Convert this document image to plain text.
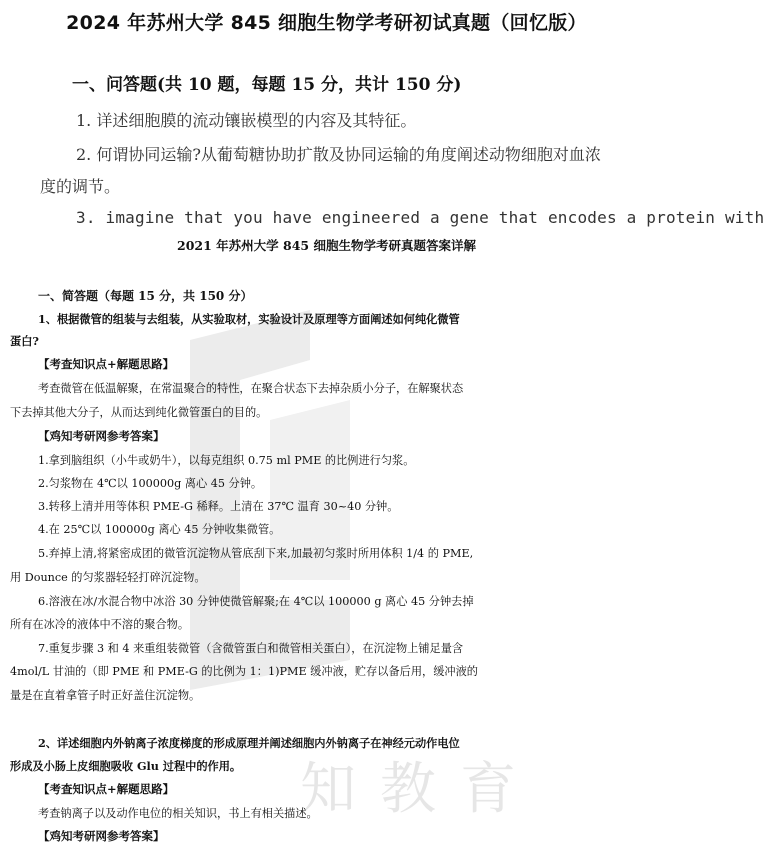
知教育
2024 年苏州大学 845 细胞生物学考研初试真题（回忆版）
一、问答题(共 10 题，每题 15 分，共计 150 分)
1. 详述细胞膜的流动镶嵌模型的内容及其特征。
2. 何谓协同运输?从葡萄糖协助扩散及协同运输的角度阐述动物细胞对血浓
度的调节。
3. imagine that you have engineered a gene that encodes a protein with
2021 年苏州大学 845 细胞生物学考研真题答案详解
一、简答题（每题 15 分，共 150 分）
1、根据微管的组装与去组装，从实验取材，实验设计及原理等方面阐述如何纯化微管
蛋白?
【考查知识点+解题思路】
考查微管在低温解聚，在常温聚合的特性，在聚合状态下去掉杂质小分子，在解聚状态
下去掉其他大分子，从而达到纯化微管蛋白的目的。
【鸡知考研网参考答案】
1.拿到脑组织（小牛或奶牛），以每克组织 0.75 ml PME 的比例进行匀浆。
2.匀浆物在 4℃以 100000g 离心 45 分钟。
3.转移上清并用等体积 PME-G 稀释。上清在 37℃ 温育 30~40 分钟。
4.在 25℃以 100000g 离心 45 分钟收集微管。
5.弃掉上清,将紧密成团的微管沉淀物从管底刮下来,加最初匀浆时所用体积 1/4 的 PME,
用 Dounce 的匀浆器轻轻打碎沉淀物。
6.溶液在冰/水混合物中冰浴 30 分钟使微管解聚;在 4℃以 100000 g 离心 45 分钟去掉
所有在冰冷的液体中不溶的聚合物。
7.重复步骤 3 和 4 来重组装微管（含微管蛋白和微管相关蛋白），在沉淀物上铺足量含
4mol/L 甘油的（即 PME 和 PME-G 的比例为 1：1)PME 缓冲液，贮存以备后用，缓冲液的
量是在直着拿管子时正好盖住沉淀物。
2、详述细胞内外钠离子浓度梯度的形成原理并阐述细胞内外钠离子在神经元动作电位
形成及小肠上皮细胞吸收 Glu 过程中的作用。
【考查知识点+解题思路】
考查钠离子以及动作电位的相关知识，书上有相关描述。
【鸡知考研网参考答案】
